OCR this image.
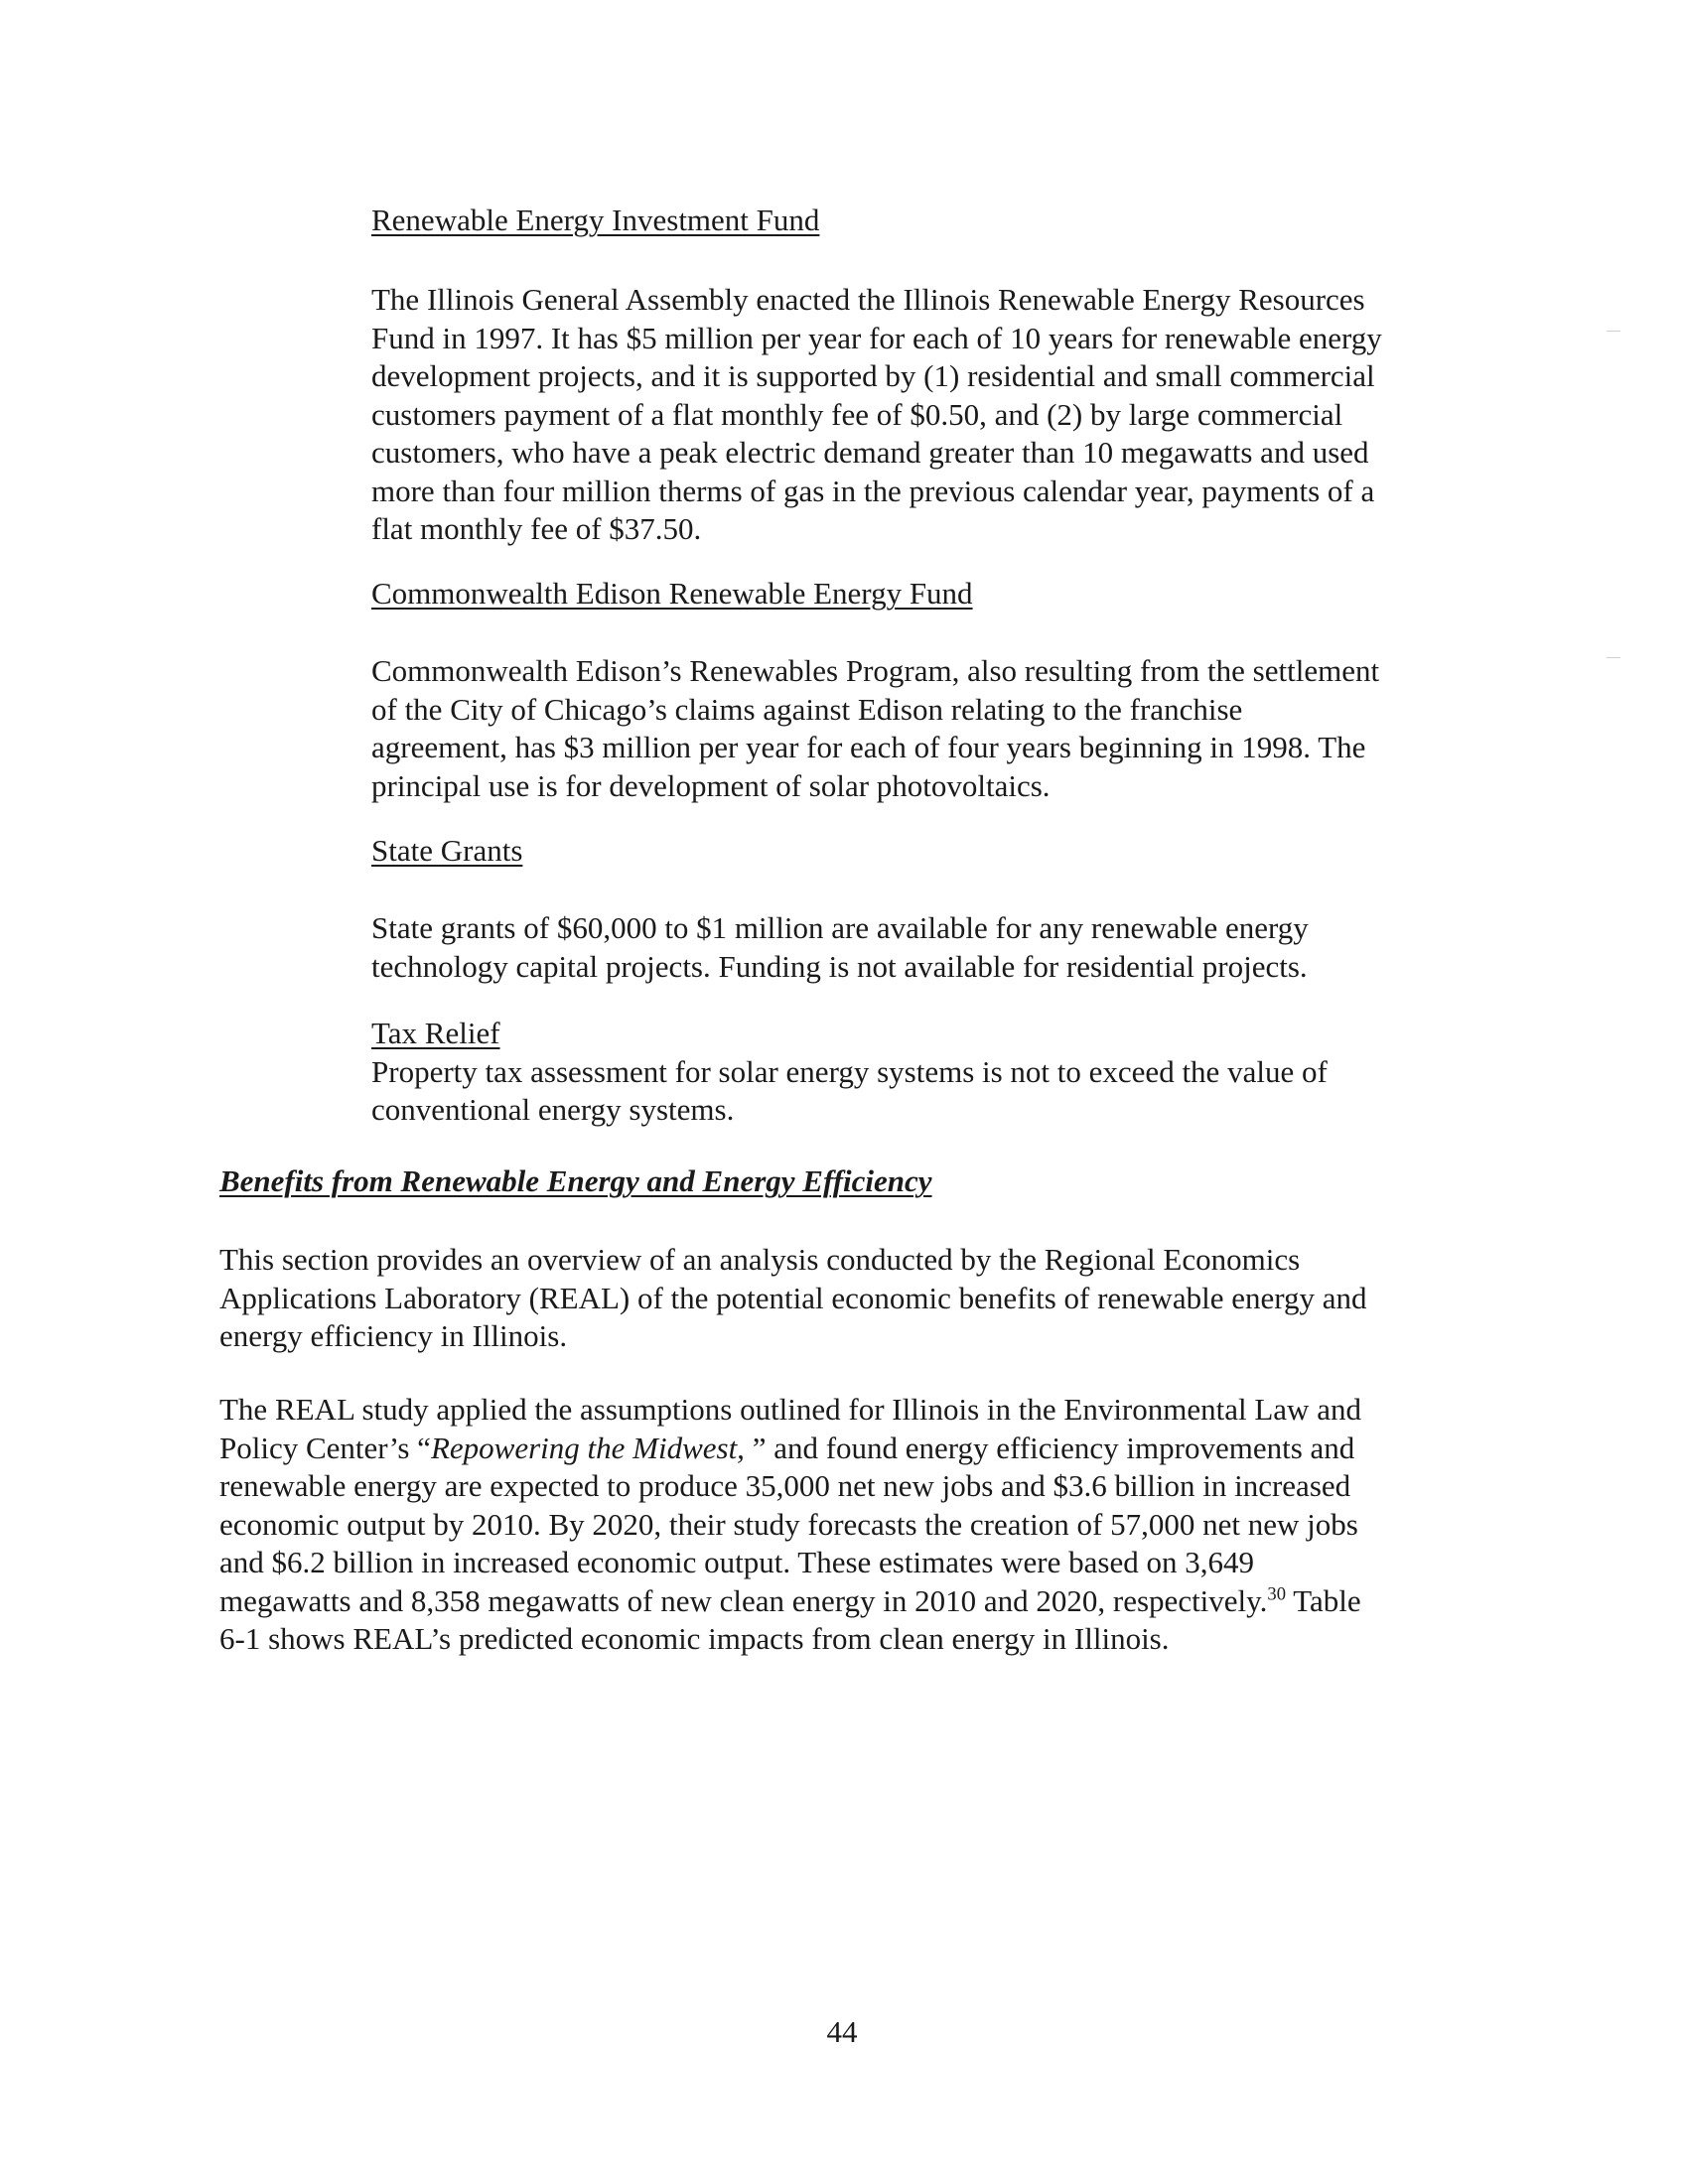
Renewable Energy Investment Fund

The Illinois General Assembly enacted the Illinois Renewable Energy Resources Fund in 1997. It has $5 million per year for each of 10 years for renewable energy development projects, and it is supported by (1) residential and small commercial customers payment of a flat monthly fee of $0.50, and (2) by large commercial customers, who have a peak electric demand greater than 10 megawatts and used more than four million therms of gas in the previous calendar year, payments of a flat monthly fee of $37.50.

Commonwealth Edison Renewable Energy Fund

Commonwealth Edison’s Renewables Program, also resulting from the settlement of the City of Chicago’s claims against Edison relating to the franchise agreement, has $3 million per year for each of four years beginning in 1998. The principal use is for development of solar photovoltaics.

State Grants

State grants of $60,000 to $1 million are available for any renewable energy technology capital projects. Funding is not available for residential projects.

Tax Relief

Property tax assessment for solar energy systems is not to exceed the value of conventional energy systems.

Benefits from Renewable Energy and Energy Efficiency

This section provides an overview of an analysis conducted by the Regional Economics Applications Laboratory (REAL) of the potential economic benefits of renewable energy and energy efficiency in Illinois.

The REAL study applied the assumptions outlined for Illinois in the Environmental Law and Policy Center’s “Repowering the Midwest, ” and found energy efficiency improvements and renewable energy are expected to produce 35,000 net new jobs and $3.6 billion in increased economic output by 2010. By 2020, their study forecasts the creation of 57,000 net new jobs and $6.2 billion in increased economic output. These estimates were based on 3,649 megawatts and 8,358 megawatts of new clean energy in 2010 and 2020, respectively.$^{30}$ Table 6-1 shows REAL’s predicted economic impacts from clean energy in Illinois.

44
